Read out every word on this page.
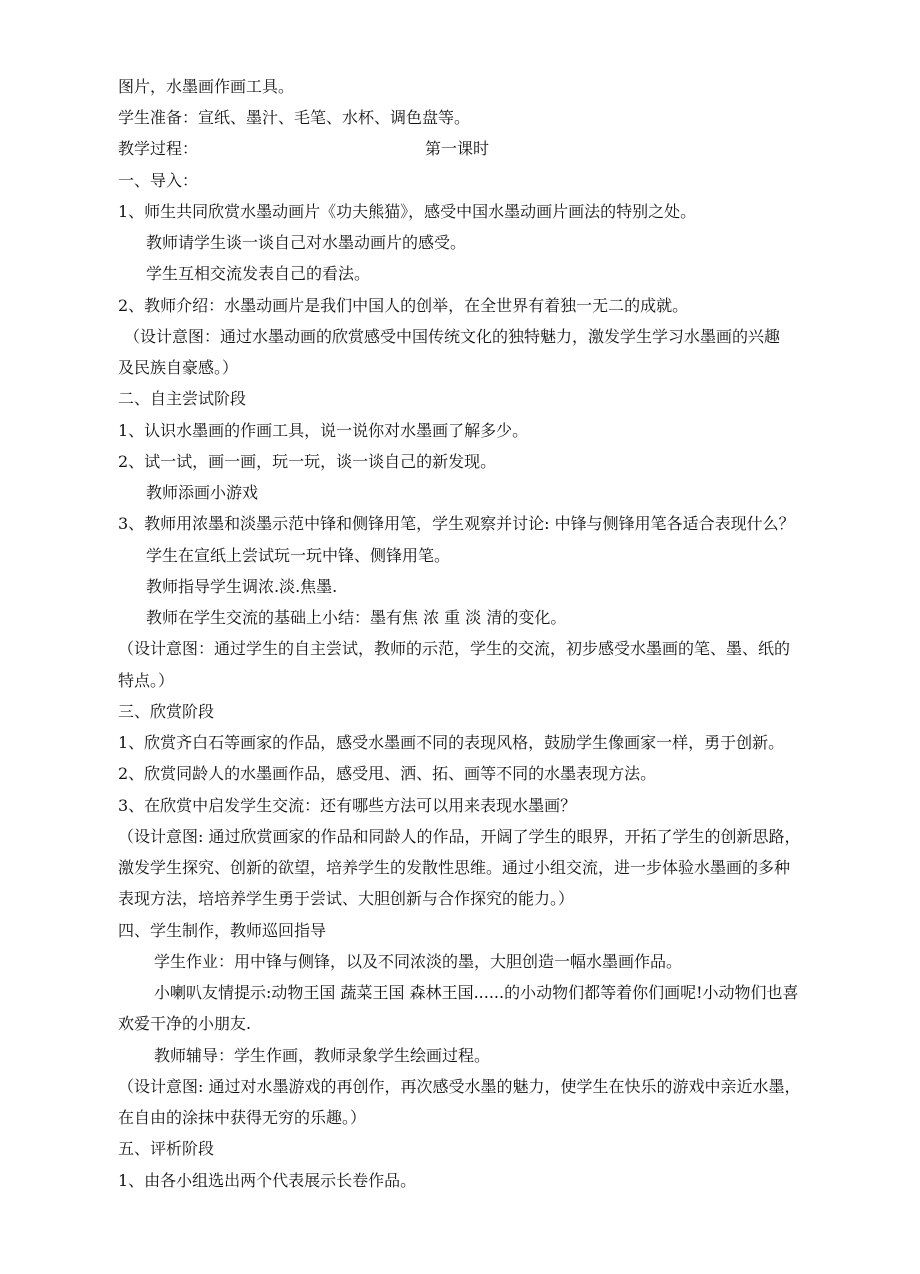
图片，水墨画作画工具。
学生准备：宣纸、墨汁、毛笔、水杯、调色盘等。
教学过程：	第一课时
一、导入：
1、师生共同欣赏水墨动画片《功夫熊猫》，感受中国水墨动画片画法的特别之处。
教师请学生谈一谈自己对水墨动画片的感受。
学生互相交流发表自己的看法。
2、教师介绍：水墨动画片是我们中国人的创举，在全世界有着独一无二的成就。
（设计意图：通过水墨动画的欣赏感受中国传统文化的独特魅力，激发学生学习水墨画的兴趣
及民族自豪感。）
二、自主尝试阶段
1、认识水墨画的作画工具，说一说你对水墨画了解多少。
2、试一试，画一画，玩一玩，谈一谈自己的新发现。
教师添画小游戏
3、教师用浓墨和淡墨示范中锋和侧锋用笔，学生观察并讨论: 中锋与侧锋用笔各适合表现什么？
学生在宣纸上尝试玩一玩中锋、侧锋用笔。
教师指导学生调浓.淡.焦墨.
教师在学生交流的基础上小结：墨有焦 浓 重 淡 清的变化。
（设计意图：通过学生的自主尝试，教师的示范，学生的交流，初步感受水墨画的笔、墨、纸的
特点。）
三、欣赏阶段
1、欣赏齐白石等画家的作品，感受水墨画不同的表现风格，鼓励学生像画家一样，勇于创新。
2、欣赏同龄人的水墨画作品，感受甩、洒、拓、画等不同的水墨表现方法。
3、在欣赏中启发学生交流：还有哪些方法可以用来表现水墨画？
（设计意图: 通过欣赏画家的作品和同龄人的作品，开阔了学生的眼界，开拓了学生的创新思路，
激发学生探究、创新的欲望，培养学生的发散性思维。通过小组交流，进一步体验水墨画的多种
表现方法，培培养学生勇于尝试、大胆创新与合作探究的能力。）
四、学生制作，教师巡回指导
学生作业：用中锋与侧锋，以及不同浓淡的墨，大胆创造一幅水墨画作品。
小喇叭友情提示:动物王国 蔬菜王国 森林王国......的小动物们都等着你们画呢!小动物们也喜
欢爱干净的小朋友.
教师辅导：学生作画，教师录象学生绘画过程。
（设计意图: 通过对水墨游戏的再创作，再次感受水墨的魅力，使学生在快乐的游戏中亲近水墨，
在自由的涂抹中获得无穷的乐趣。）
五、评析阶段
1、由各小组选出两个代表展示长卷作品。
